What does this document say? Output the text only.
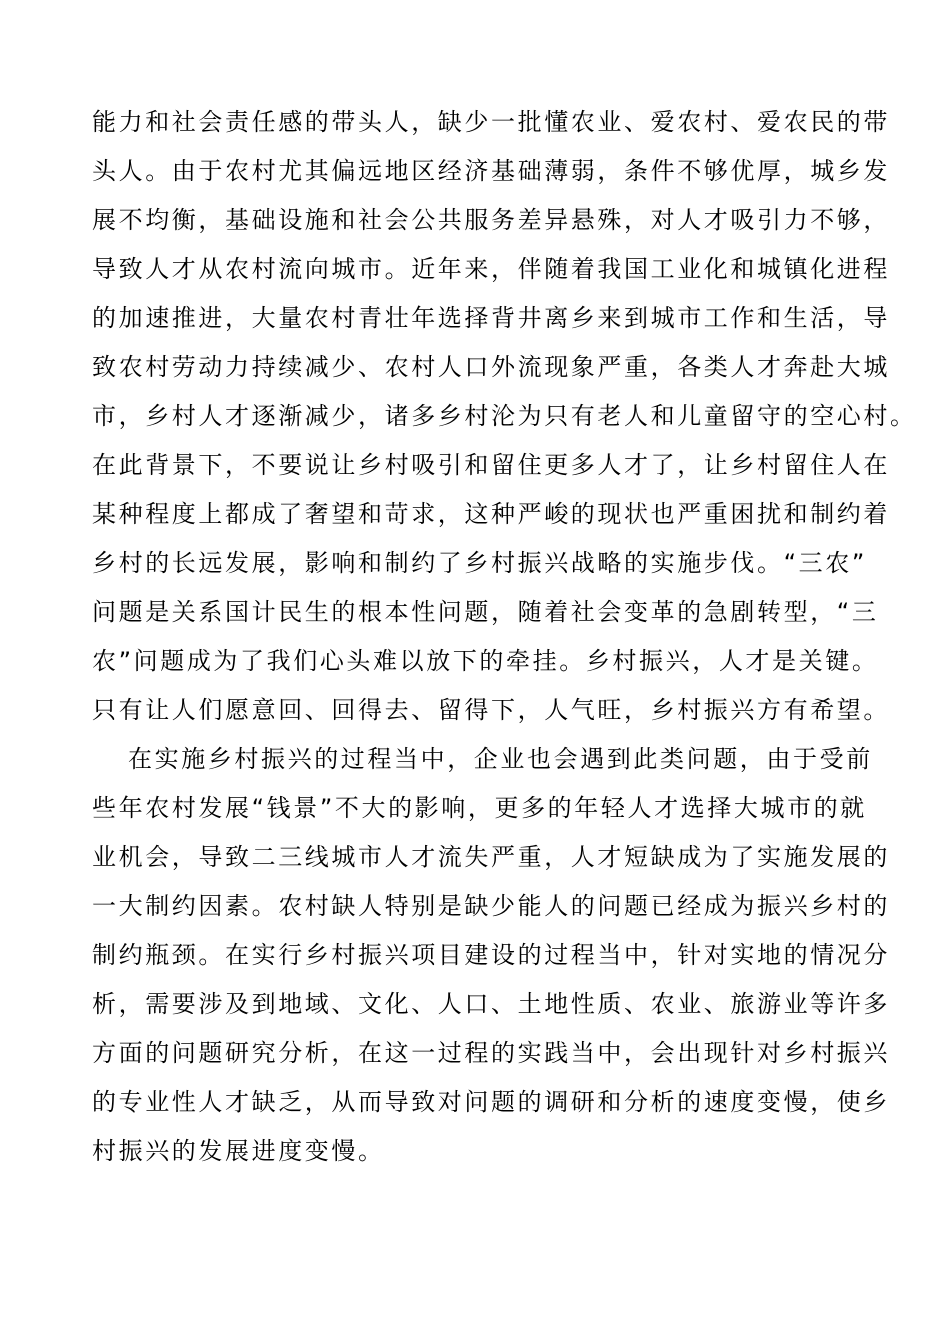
能力和社会责任感的带头人，缺少一批懂农业、爱农村、爱农民的带

头人。由于农村尤其偏远地区经济基础薄弱，条件不够优厚，城乡发

展不均衡，基础设施和社会公共服务差异悬殊，对人才吸引力不够，

导致人才从农村流向城市。近年来，伴随着我国工业化和城镇化进程

的加速推进，大量农村青壮年选择背井离乡来到城市工作和生活，导

致农村劳动力持续减少、农村人口外流现象严重，各类人才奔赴大城

市，乡村人才逐渐减少，诸多乡村沦为只有老人和儿童留守的空心村。

在此背景下，不要说让乡村吸引和留住更多人才了，让乡村留住人在

某种程度上都成了奢望和苛求，这种严峻的现状也严重困扰和制约着

乡村的长远发展，影响和制约了乡村振兴战略的实施步伐。“三农”

问题是关系国计民生的根本性问题，随着社会变革的急剧转型，“三

农”问题成为了我们心头难以放下的牵挂。乡村振兴，人才是关键。

只有让人们愿意回、回得去、留得下，人气旺，乡村振兴方有希望。

在实施乡村振兴的过程当中，企业也会遇到此类问题，由于受前

些年农村发展“钱景”不大的影响，更多的年轻人才选择大城市的就

业机会，导致二三线城市人才流失严重，人才短缺成为了实施发展的

一大制约因素。农村缺人特别是缺少能人的问题已经成为振兴乡村的

制约瓶颈。在实行乡村振兴项目建设的过程当中，针对实地的情况分

析，需要涉及到地域、文化、人口、土地性质、农业、旅游业等许多

方面的问题研究分析，在这一过程的实践当中，会出现针对乡村振兴

的专业性人才缺乏，从而导致对问题的调研和分析的速度变慢，使乡

村振兴的发展进度变慢。
